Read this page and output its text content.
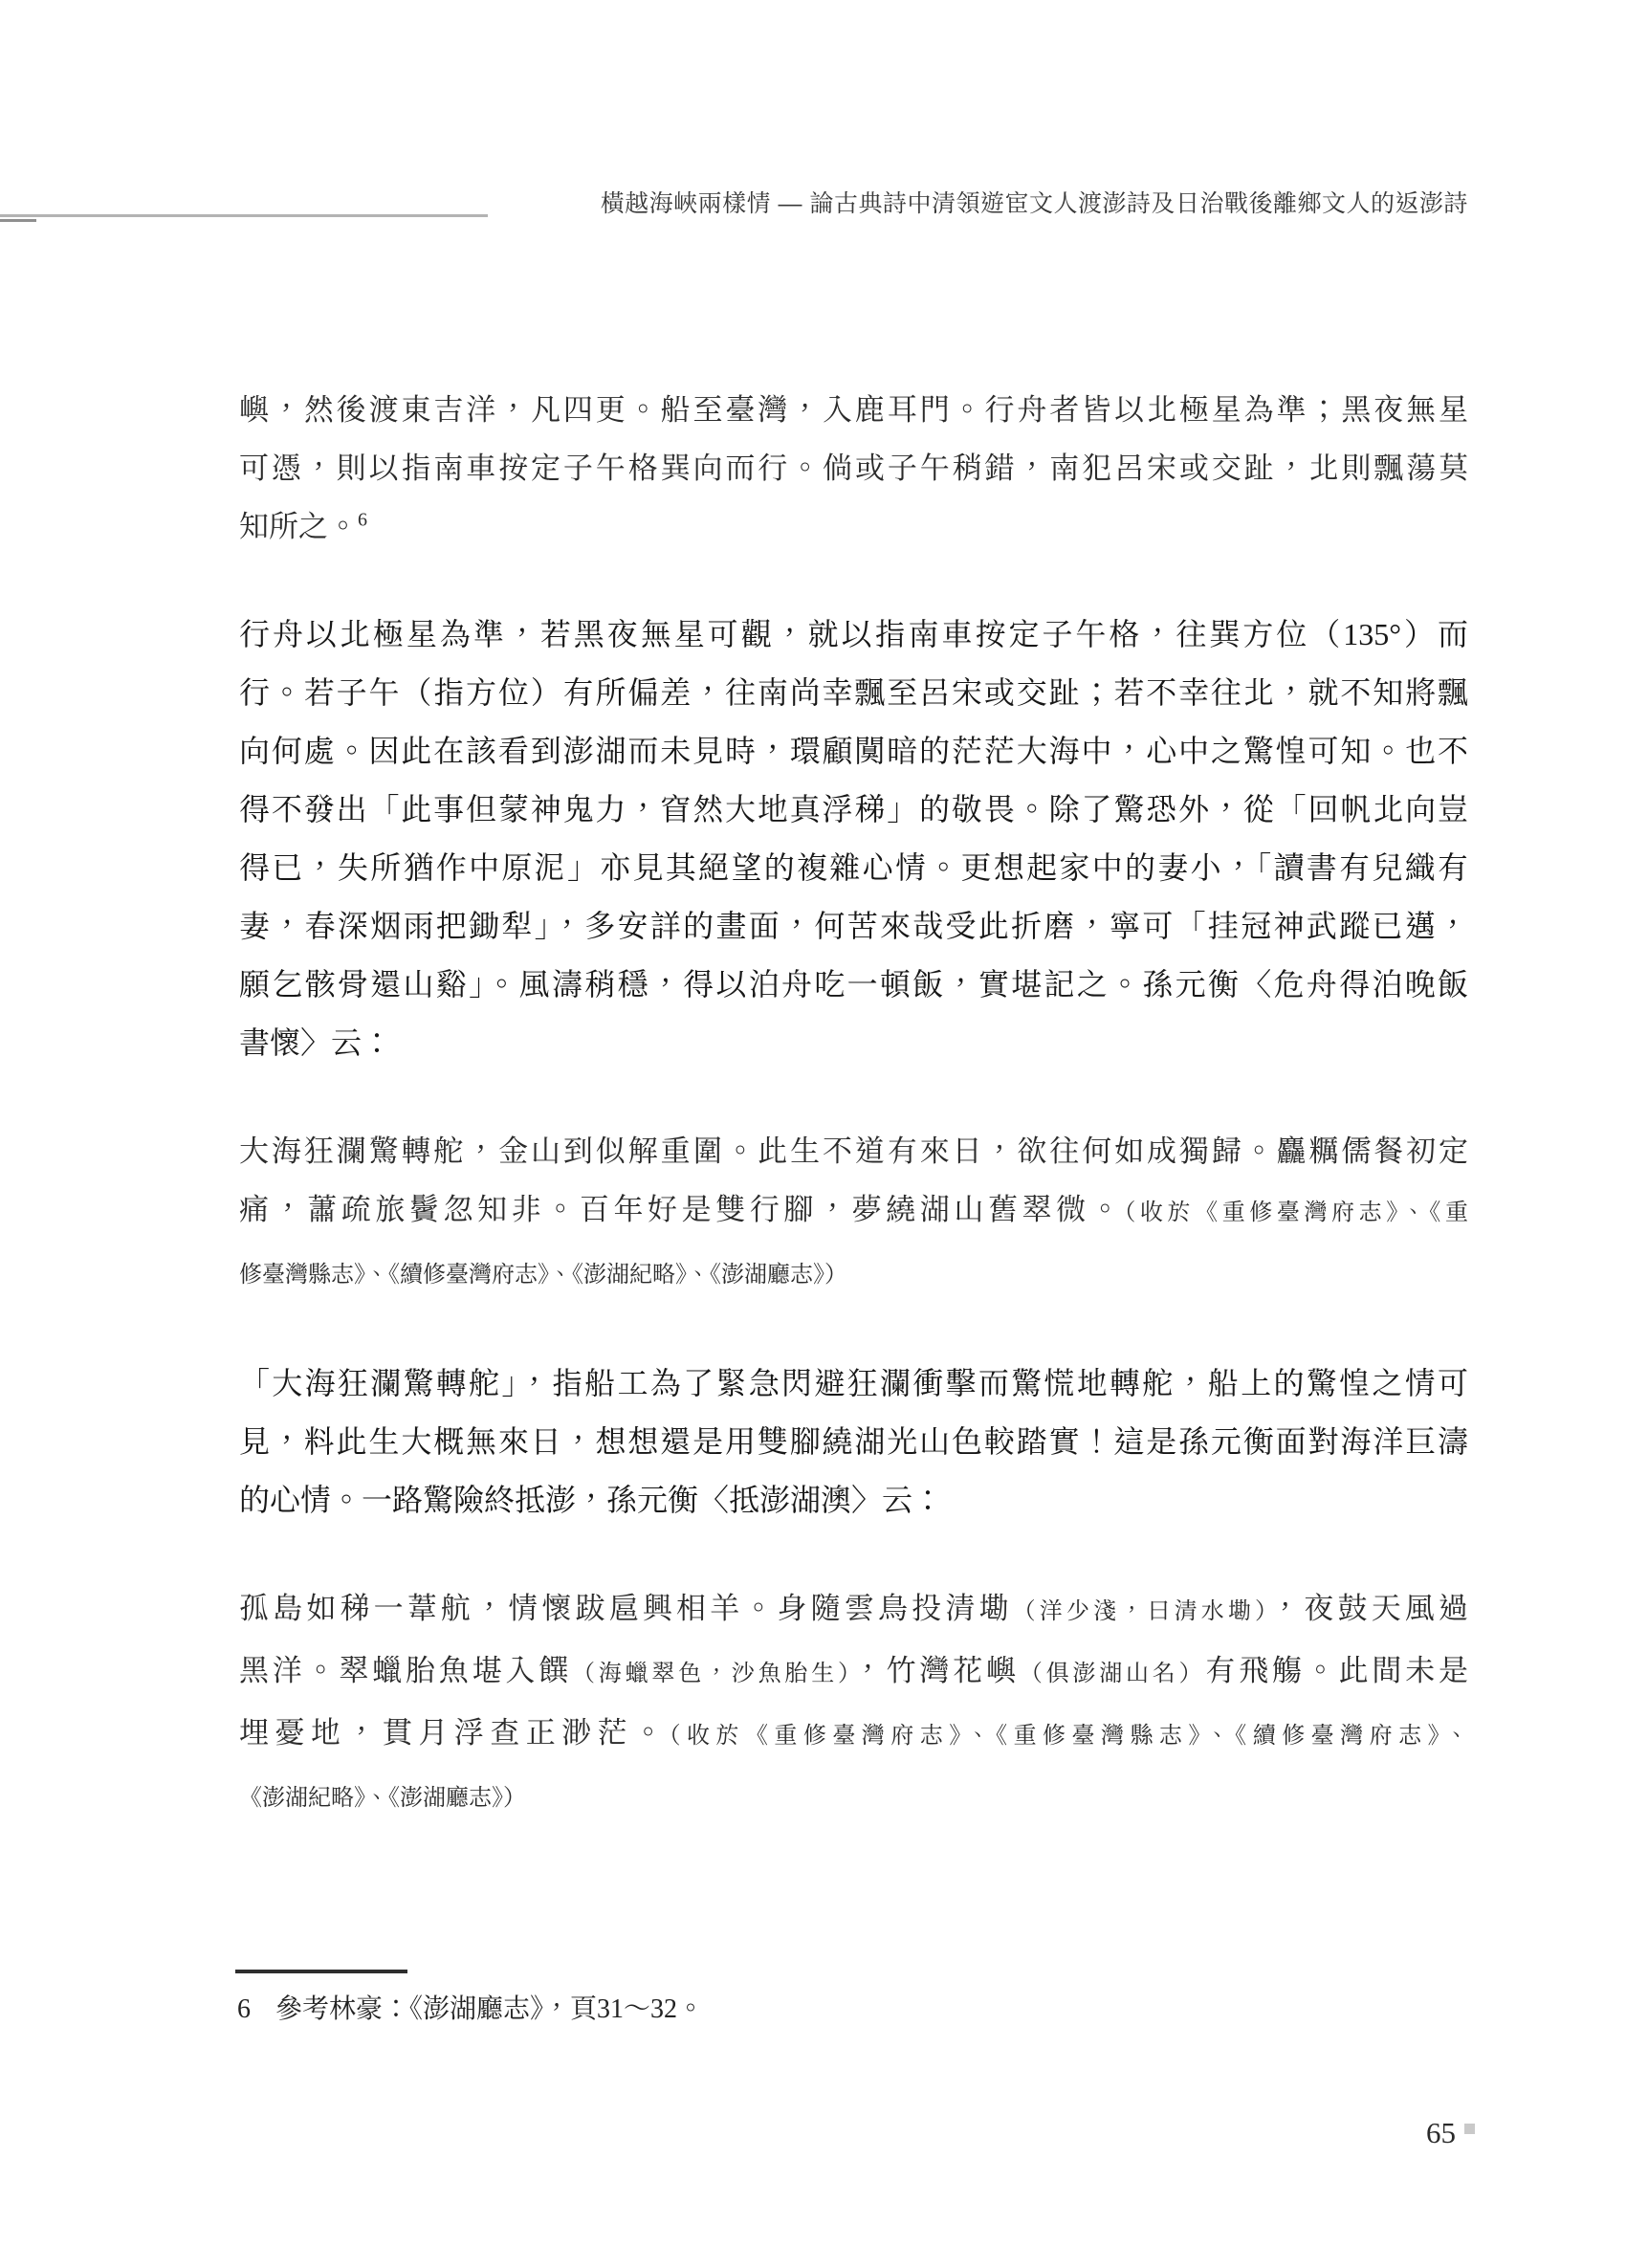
橫越海峽兩樣情 — 論古典詩中清領遊宦文人渡澎詩及日治戰後離鄉文人的返澎詩

嶼，然後渡東吉洋，凡四更。船至臺灣，入鹿耳門。行舟者皆以北極星為準；黑夜無星

可憑，則以指南車按定子午格巽向而行。倘或子午稍錯，南犯呂宋或交趾，北則飄蕩莫

知所之。$^6$

行舟以北極星為準，若黑夜無星可觀，就以指南車按定子午格，往巽方位（135°）而

行。若子午（指方位）有所偏差，往南尚幸飄至呂宋或交趾；若不幸往北，就不知將飄

向何處。因此在該看到澎湖而未見時，環顧闃暗的茫茫大海中，心中之驚惶可知。也不

得不發出「此事但蒙神鬼力，窅然大地真浮稊」的敬畏。除了驚恐外，從「回帆北向豈

得已，失所猶作中原泥」亦見其絕望的複雜心情。更想起家中的妻小，「讀書有兒織有

妻，春深烟雨把鋤犁」，多安詳的畫面，何苦來哉受此折磨，寧可「挂冠神武蹤已邁，

願乞骸骨還山谿」。風濤稍穩，得以泊舟吃一頓飯，實堪記之。孫元衡〈危舟得泊晚飯

書懷〉云：

大海狂瀾驚轉舵，金山到似解重圍。此生不道有來日，欲往何如成獨歸。麤糲儒餐初定

痛，蕭疏旅鬢忽知非。百年好是雙行腳，夢繞湖山舊翠微。（收於《重修臺灣府志》、《重

修臺灣縣志》、《續修臺灣府志》、《澎湖紀略》、《澎湖廳志》）

「大海狂瀾驚轉舵」，指船工為了緊急閃避狂瀾衝擊而驚慌地轉舵，船上的驚惶之情可

見，料此生大概無來日，想想還是用雙腳繞湖光山色較踏實！這是孫元衡面對海洋巨濤

的心情。一路驚險終抵澎，孫元衡〈抵澎湖澳〉云：

孤島如稊一葦航，情懷跋扈興相羊。身隨雲鳥投清墈（洋少淺，曰清水墈），夜鼓天風過

黑洋。翠蠟胎魚堪入饌（海蠟翠色，沙魚胎生），竹灣花嶼（俱澎湖山名）有飛觴。此間未是

埋憂地，貫月浮查正渺茫。（收於《重修臺灣府志》、《重修臺灣縣志》、《續修臺灣府志》、

《澎湖紀略》、《澎湖廳志》）

6 參考林豪：《澎湖廳志》，頁31～32。
65
